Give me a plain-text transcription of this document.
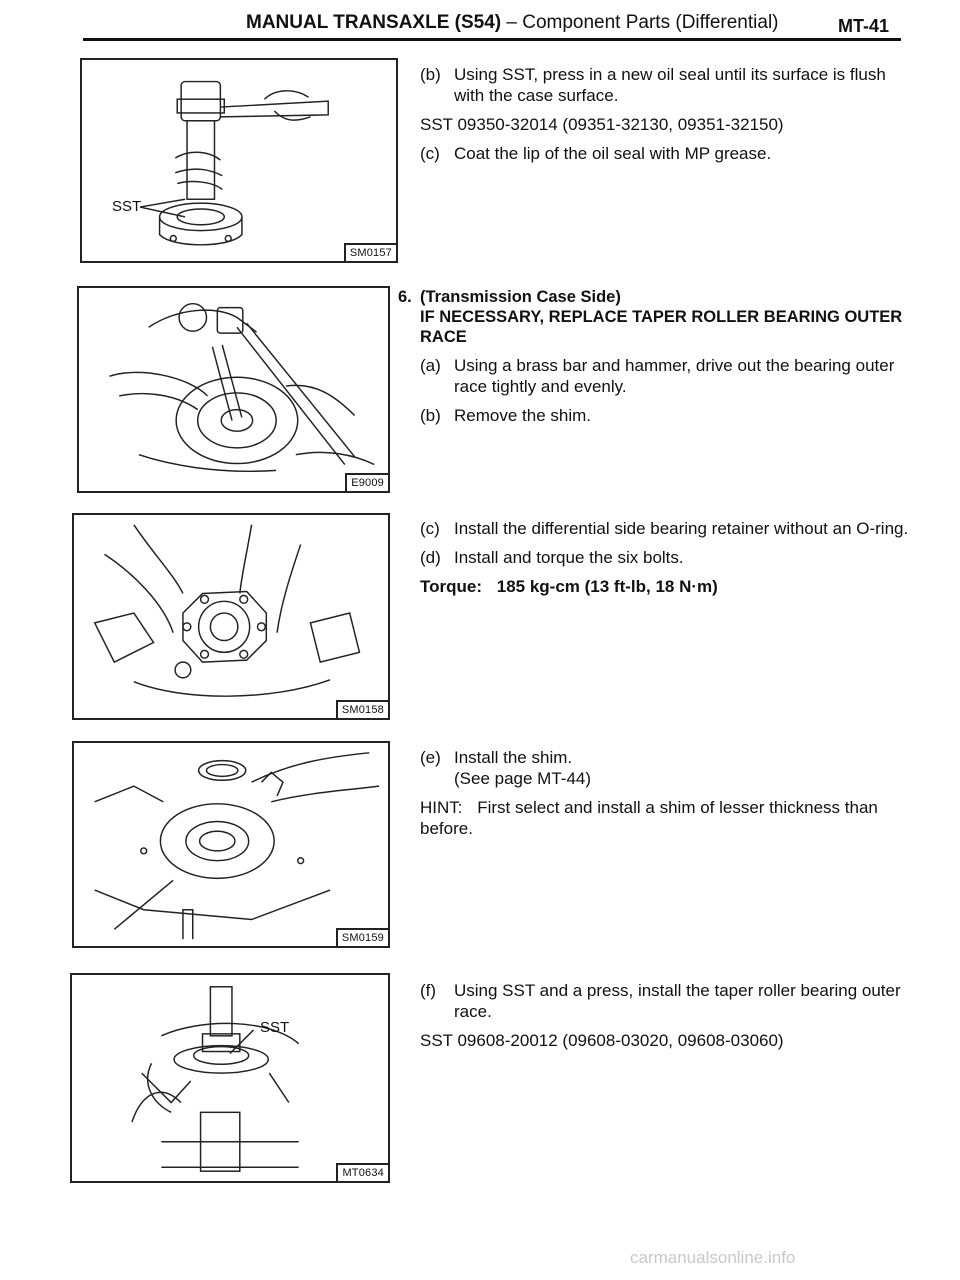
MANUAL TRANSAXLE (S54) – Component Parts (Differential)	MT-41
SST
SM0157
E9009
SM0158
SM0159
SST
MT0634
(b) Using SST, press in a new oil seal until its surface is flush with the case surface.
SST 09350-32014 (09351-32130, 09351-32150)
(c) Coat the lip of the oil seal with MP grease.
6. (Transmission Case Side)
IF NECESSARY, REPLACE TAPER ROLLER BEARING OUTER RACE
(a) Using a brass bar and hammer, drive out the bearing outer race tightly and evenly.
(b) Remove the shim.
(c) Install the differential side bearing retainer without an O-ring.
(d) Install and torque the six bolts.
Torque: 185 kg-cm (13 ft-lb, 18 N·m)
(e) Install the shim.
(See page MT-44)
HINT: First select and install a shim of lesser thickness than before.
(f)	Using SST and a press, install the taper roller bearing outer race.
SST 09608-20012 (09608-03020, 09608-03060)
carmanualsonline.info
